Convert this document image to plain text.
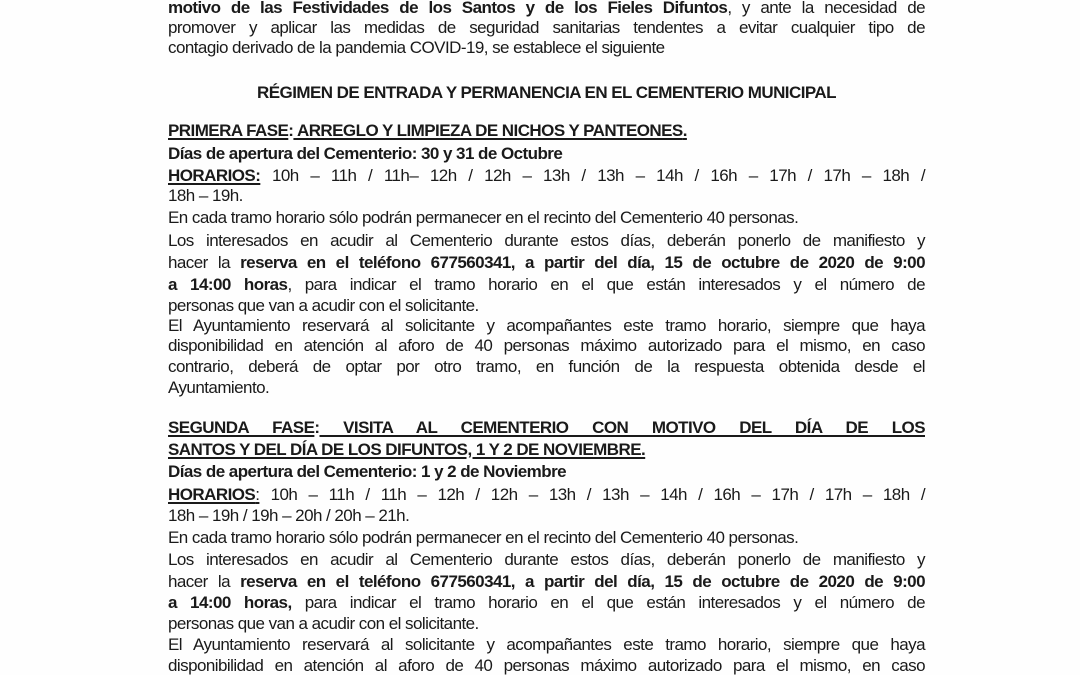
motivo de las Festividades de los Santos y de los Fieles Difuntos, y ante la necesidad de
promover y aplicar las medidas de seguridad sanitarias tendentes a evitar cualquier tipo de
contagio derivado de la pandemia COVID-19, se establece el siguiente
RÉGIMEN DE ENTRADA Y PERMANENCIA EN EL CEMENTERIO MUNICIPAL
PRIMERA FASE: ARREGLO Y LIMPIEZA DE NICHOS Y PANTEONES.
Días de apertura del Cementerio: 30 y 31 de Octubre
HORARIOS: 10h – 11h / 11h– 12h / 12h – 13h / 13h – 14h / 16h – 17h / 17h – 18h /
18h – 19h.
En cada tramo horario sólo podrán permanecer en el recinto del Cementerio 40 personas.
Los interesados en acudir al Cementerio durante estos días, deberán ponerlo de manifiesto y
hacer la reserva en el teléfono 677560341, a partir del día, 15 de octubre de 2020 de 9:00
a 14:00 horas, para indicar el tramo horario en el que están interesados y el número de
personas que van a acudir con el solicitante.
El Ayuntamiento reservará al solicitante y acompañantes este tramo horario, siempre que haya
disponibilidad en atención al aforo de 40 personas máximo autorizado para el mismo, en caso
contrario, deberá de optar por otro tramo, en función de la respuesta obtenida desde el
Ayuntamiento.
SEGUNDA FASE: VISITA AL CEMENTERIO CON MOTIVO DEL DÍA DE LOS
SANTOS Y DEL DÍA DE LOS DIFUNTOS, 1 Y 2 DE NOVIEMBRE.
Días de apertura del Cementerio: 1 y 2 de Noviembre
HORARIOS: 10h – 11h / 11h – 12h / 12h – 13h / 13h – 14h / 16h – 17h / 17h – 18h /
18h – 19h / 19h – 20h / 20h – 21h.
En cada tramo horario sólo podrán permanecer en el recinto del Cementerio 40 personas.
Los interesados en acudir al Cementerio durante estos días, deberán ponerlo de manifiesto y
hacer la reserva en el teléfono 677560341, a partir del día, 15 de octubre de 2020 de 9:00
a 14:00 horas, para indicar el tramo horario en el que están interesados y el número de
personas que van a acudir con el solicitante.
El Ayuntamiento reservará al solicitante y acompañantes este tramo horario, siempre que haya
disponibilidad en atención al aforo de 40 personas máximo autorizado para el mismo, en caso
